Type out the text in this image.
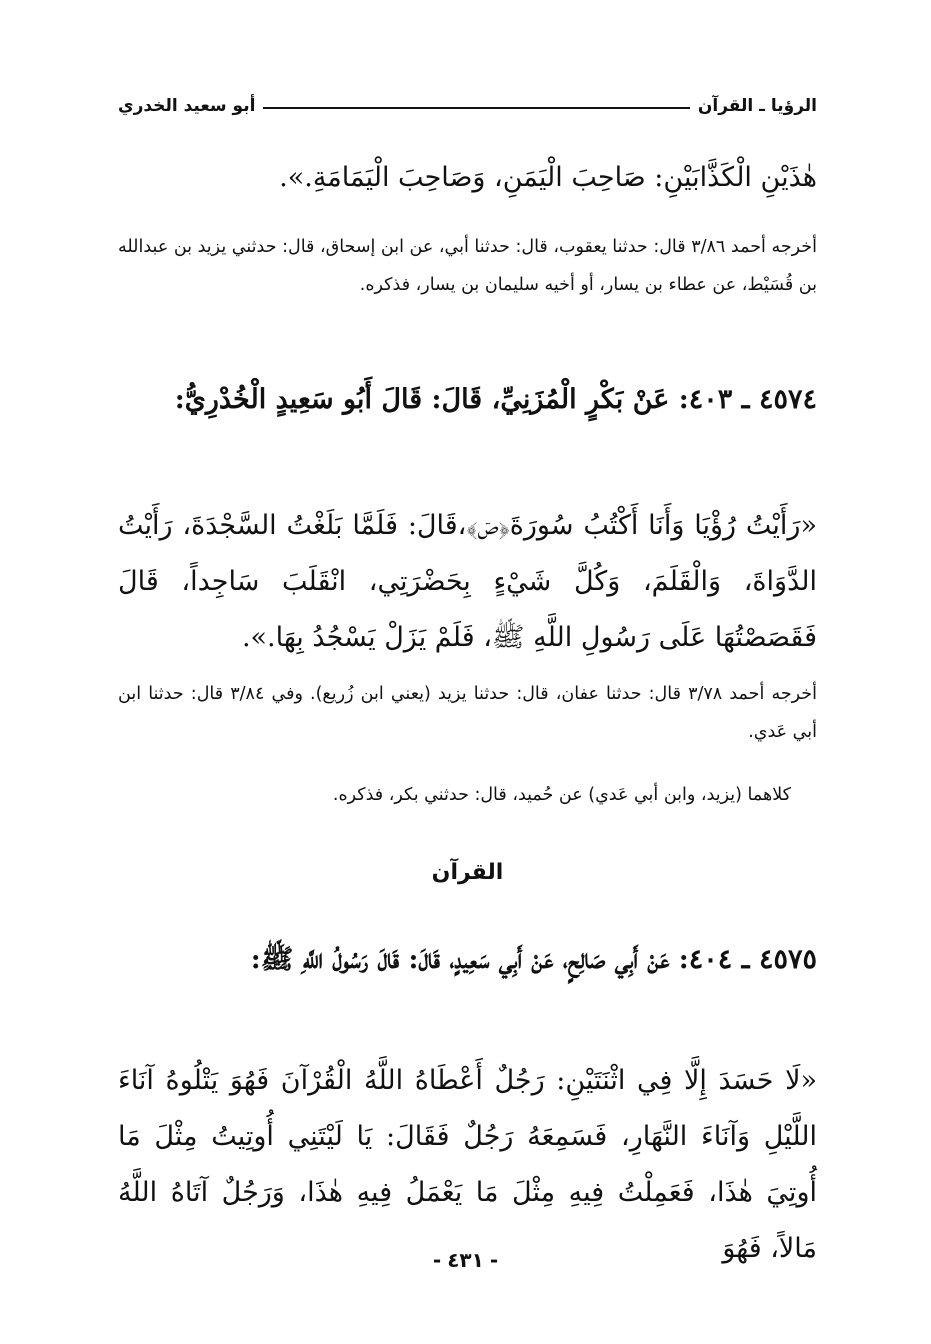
الرؤيا ـ القرآن
أبو سعيد الخدري
هٰذَيْنِ الْكَذَّابَيْنِ: صَاحِبَ الْيَمَنِ، وَصَاحِبَ الْيَمَامَةِ.».
أخرجه أحمد ٣/٨٦ قال: حدثنا يعقوب، قال: حدثنا أبي، عن ابن إسحاق، قال: حدثني يزيد بن عبدالله بن قُسَيْط، عن عطاء بن يسار، أو أخيه سليمان بن يسار، فذكره.
٤٥٧٤ ـ ٤٠٣: عَنْ بَكْرٍ الْمُزَنِيِّ، قَالَ: قَالَ أَبُو سَعِيدٍ الْخُدْرِيُّ:
«رَأَيْتُ رُؤْيَا وَأَنَا أَكْتُبُ سُورَةَ﴿صۤ﴾،قَالَ: فَلَمَّا بَلَغْتُ السَّجْدَةَ، رَأَيْتُ الدَّوَاةَ، وَالْقَلَمَ، وَكُلَّ شَيْءٍ بِحَضْرَتِي، انْقَلَبَ سَاجِداً، قَالَ فَقَصَصْتُهَا عَلَى رَسُولِ اللَّهِ ﷺ، فَلَمْ يَزَلْ يَسْجُدُ بِهَا.».
أخرجه أحمد ٣/٧٨ قال: حدثنا عفان، قال: حدثنا يزيد (يعني ابن زُريع). وفي ٣/٨٤ قال: حدثنا ابن أبي عَدي.
كلاهما (يزيد، وابن أبي عَدي) عن حُميد، قال: حدثني بكر، فذكره.
القرآن
٤٥٧٥ ـ ٤٠٤: عَنْ أَبِي صَالِحٍ، عَنْ أَبِي سَعِيدٍ، قَالَ: قَالَ رَسُولُ اللَّهِ ﷺ:
«لَا حَسَدَ إِلَّا فِي اثْنَتَيْنِ: رَجُلٌ أَعْطَاهُ اللَّهُ الْقُرْآنَ فَهُوَ يَتْلُوهُ آنَاءَ اللَّيْلِ وَآنَاءَ النَّهَارِ، فَسَمِعَهُ رَجُلٌ فَقَالَ: يَا لَيْتَنِي أُوتِيتُ مِثْلَ مَا أُوتِيَ هٰذَا، فَعَمِلْتُ فِيهِ مِثْلَ مَا يَعْمَلُ فِيهِ هٰذَا، وَرَجُلٌ آتَاهُ اللَّهُ مَالاً، فَهُوَ
-٤٣١-
